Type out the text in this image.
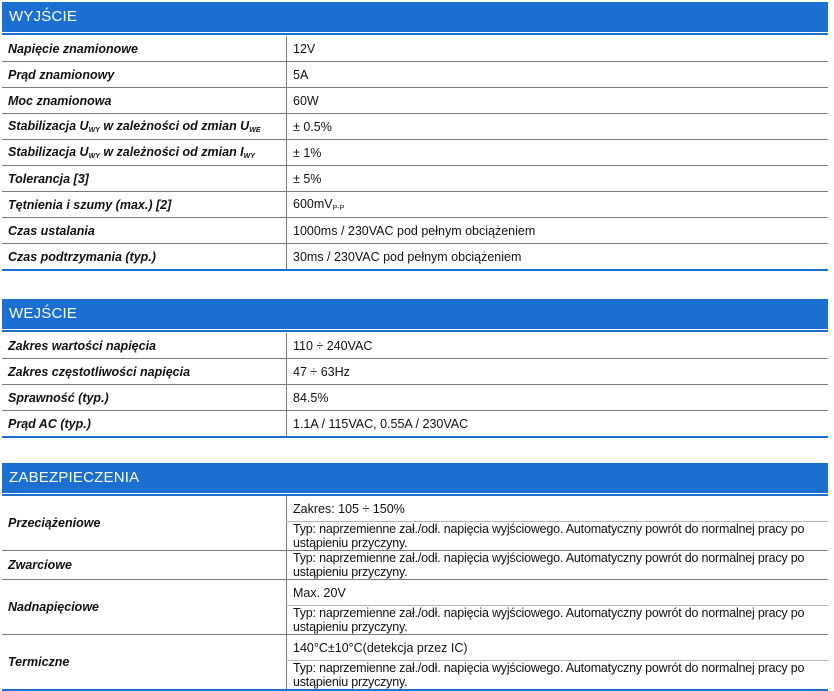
WYJŚCIE
Napięcie znamionowe	12V
Prąd znamionowy	5A
Moc znamionowa	60W
Stabilizacja $U_{WY}$ w zależności od zmian $U_{WE}$	± 0.5%
Stabilizacja $U_{WY}$ w zależności od zmian $I_{WY}$	± 1%
Tolerancja [3]	± 5%
Tętnienia i szumy (max.) [2]	$600mV_{P-P}$
Czas ustalania	1000ms / 230VAC pod pełnym obciążeniem
Czas podtrzymania (typ.)	30ms / 230VAC pod pełnym obciążeniem
WEJŚCIE
Zakres wartości napięcia	110 ÷ 240VAC
Zakres częstotliwości napięcia	47 ÷ 63Hz
Sprawność (typ.)	84.5%
Prąd AC (typ.)	1.1A / 115VAC, 0.55A / 230VAC
ZABEZPIECZENIA
Przeciążeniowe	Zakres: 105 ÷ 150%
	Typ: naprzemienne zał./odł. napięcia wyjściowego. Automatyczny powrót do normalnej pracy po ustąpieniu przyczyny.
Zwarciowe	Typ: naprzemienne zał./odł. napięcia wyjściowego. Automatyczny powrót do normalnej pracy po ustąpieniu przyczyny.
Nadnapięciowe	Max. 20V
	Typ: naprzemienne zał./odł. napięcia wyjściowego. Automatyczny powrót do normalnej pracy po ustąpieniu przyczyny.
Termiczne	140°C±10°C(detekcja przez IC)
	Typ: naprzemienne zał./odł. napięcia wyjściowego. Automatyczny powrót do normalnej pracy po ustąpieniu przyczyny.
